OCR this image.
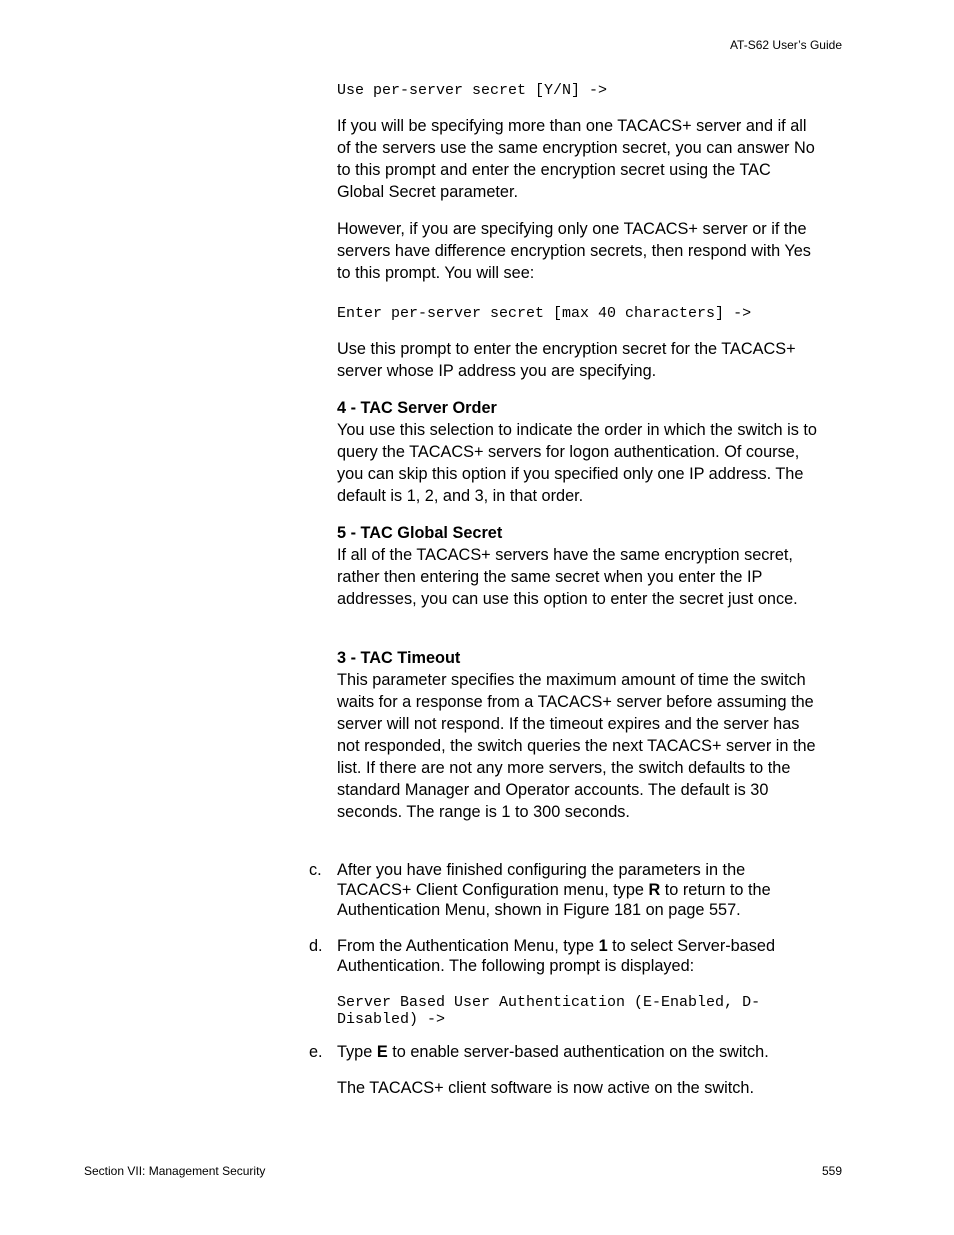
AT-S62 User’s Guide
Use per-server secret [Y/N] ->

If you will be specifying more than one TACACS+ server and if all of the servers use the same encryption secret, you can answer No to this prompt and enter the encryption secret using the TAC Global Secret parameter.

However, if you are specifying only one TACACS+ server or if the servers have difference encryption secrets, then respond with Yes to this prompt. You will see:

Enter per-server secret [max 40 characters] ->

Use this prompt to enter the encryption secret for the TACACS+ server whose IP address you are specifying.

4 - TAC Server Order

You use this selection to indicate the order in which the switch is to query the TACACS+ servers for logon authentication. Of course, you can skip this option if you specified only one IP address. The default is 1, 2, and 3, in that order.

5 - TAC Global Secret

If all of the TACACS+ servers have the same encryption secret, rather then entering the same secret when you enter the IP addresses, you can use this option to enter the secret just once.

3 - TAC Timeout

This parameter specifies the maximum amount of time the switch waits for a response from a TACACS+ server before assuming the server will not respond. If the timeout expires and the server has not responded, the switch queries the next TACACS+ server in the list. If there are not any more servers, the switch defaults to the standard Manager and Operator accounts. The default is 30 seconds. The range is 1 to 300 seconds.

c. After you have finished configuring the parameters in the TACACS+ Client Configuration menu, type R to return to the Authentication Menu, shown in Figure 181 on page 557.
d. From the Authentication Menu, type 1 to select Server-based Authentication. The following prompt is displayed:
Server Based User Authentication (E-Enabled, D-
Disabled) ->
e. Type E to enable server-based authentication on the switch.

The TACACS+ client software is now active on the switch.

Section VII: Management Security	559
